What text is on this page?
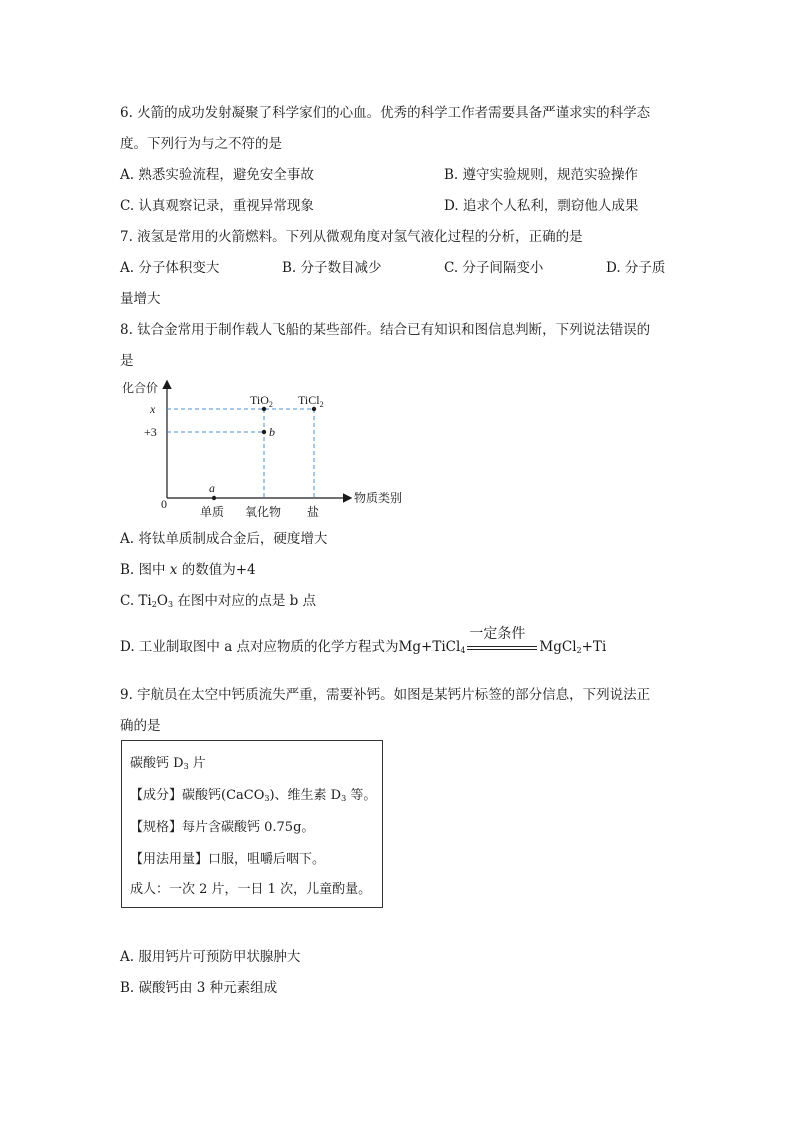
6. 火箭的成功发射凝聚了科学家们的心血。优秀的科学工作者需要具备严谨求实的科学态
度。下列行为与之不符的是
A. 熟悉实验流程，避免安全事故	B. 遵守实验规则，规范实验操作
C. 认真观察记录，重视异常现象	D. 追求个人私利，剽窃他人成果
7. 液氢是常用的火箭燃料。下列从微观角度对氢气液化过程的分析，正确的是
A. 分子体积变大	B. 分子数目减少	C. 分子间隔变小	D. 分子质
量增大
8. 钛合金常用于制作载人飞船的某些部件。结合已有知识和图信息判断，下列说法错误的
是
化合价
x
+3
0	物质类别
单质 氧化物 盐
a
b
TiO$_2$ TiCl$_2$
A. 将钛单质制成合金后，硬度增大
B. 图中 x 的数值为+4
C. $Ti_2O_3$ 在图中对应的点是 b 点
D. 工业制取图中 a 点对应物质的化学方程式为Mg+TiCl$_4$
一定条件
MgCl$_2$+Ti
9. 宇航员在太空中钙质流失严重，需要补钙。如图是某钙片标签的部分信息，下列说法正
确的是
碳酸钙 $D_3$ 片
【成分】碳酸钙(CaCO$_3$)、维生素 $D_3$ 等。
【规格】每片含碳酸钙 0.75g。
【用法用量】口服，咀嚼后咽下。
成人：一次 2 片，一日 1 次，儿童酌量。
A. 服用钙片可预防甲状腺肿大
B. 碳酸钙由 3 种元素组成
